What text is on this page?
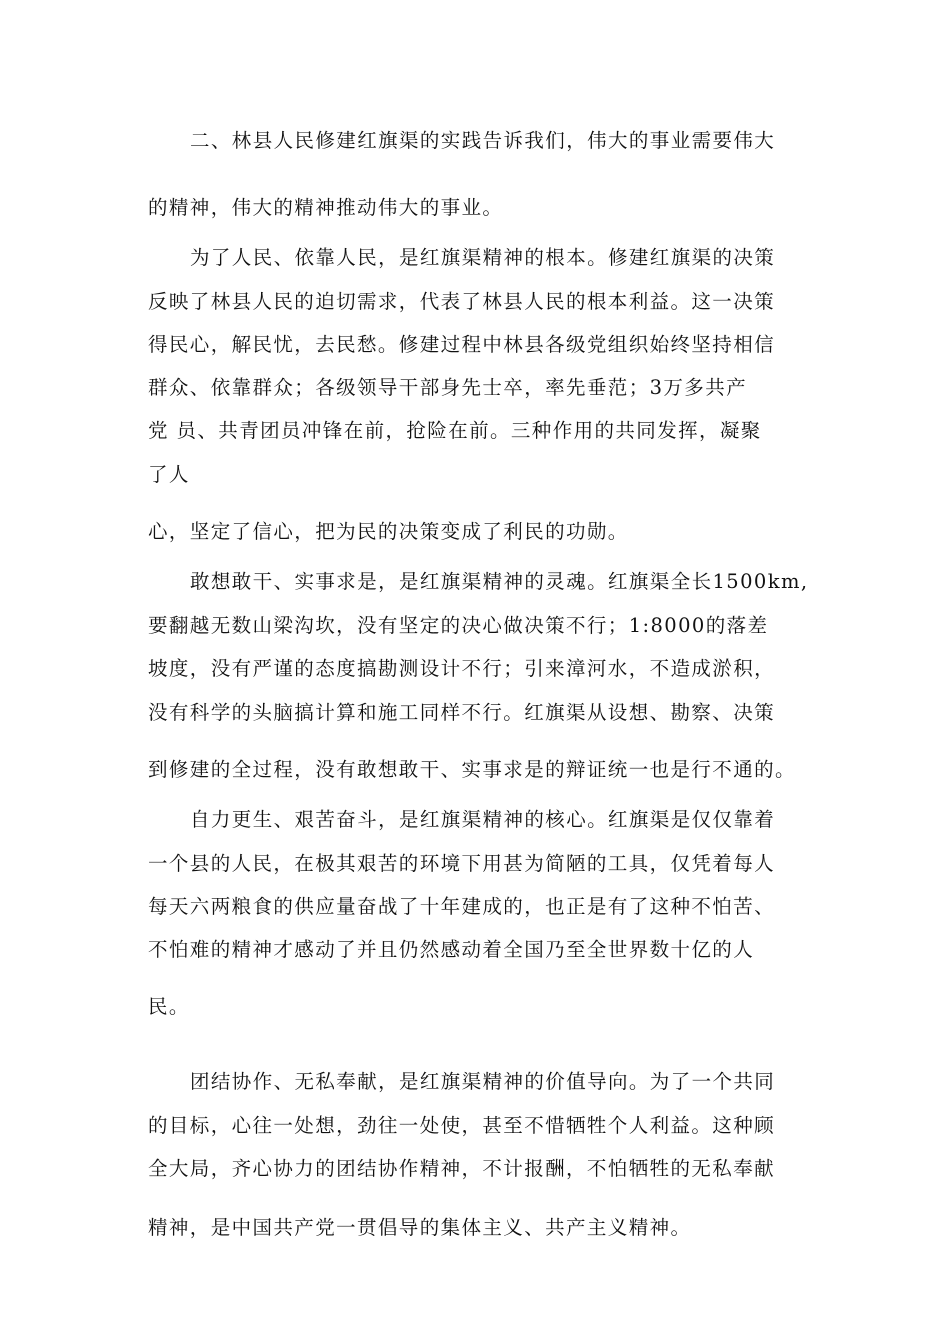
二、林县人民修建红旗渠的实践告诉我们，伟大的事业需要伟大
的精神，伟大的精神推动伟大的事业。
为了人民、依靠人民，是红旗渠精神的根本。修建红旗渠的决策
反映了林县人民的迫切需求，代表了林县人民的根本利益。这一决策
得民心，解民忧，去民愁。修建过程中林县各级党组织始终坚持相信
群众、依靠群众；各级领导干部身先士卒，率先垂范；3万多共产
党 员、共青团员冲锋在前，抢险在前。三种作用的共同发挥，凝聚
了人
心，坚定了信心，把为民的决策变成了利民的功勋。
敢想敢干、实事求是，是红旗渠精神的灵魂。红旗渠全长1500km,
要翻越无数山梁沟坎，没有坚定的决心做决策不行；1:8000的落差
坡度，没有严谨的态度搞勘测设计不行；引来漳河水，不造成淤积，
没有科学的头脑搞计算和施工同样不行。红旗渠从设想、勘察、决策
到修建的全过程，没有敢想敢干、实事求是的辩证统一也是行不通的。
自力更生、艰苦奋斗，是红旗渠精神的核心。红旗渠是仅仅靠着
一个县的人民，在极其艰苦的环境下用甚为简陋的工具，仅凭着每人
每天六两粮食的供应量奋战了十年建成的，也正是有了这种不怕苦、
不怕难的精神才感动了并且仍然感动着全国乃至全世界数十亿的人
民。
团结协作、无私奉献，是红旗渠精神的价值导向。为了一个共同
的目标，心往一处想，劲往一处使，甚至不惜牺牲个人利益。这种顾
全大局，齐心协力的团结协作精神，不计报酬，不怕牺牲的无私奉献
精神，是中国共产党一贯倡导的集体主义、共产主义精神。
